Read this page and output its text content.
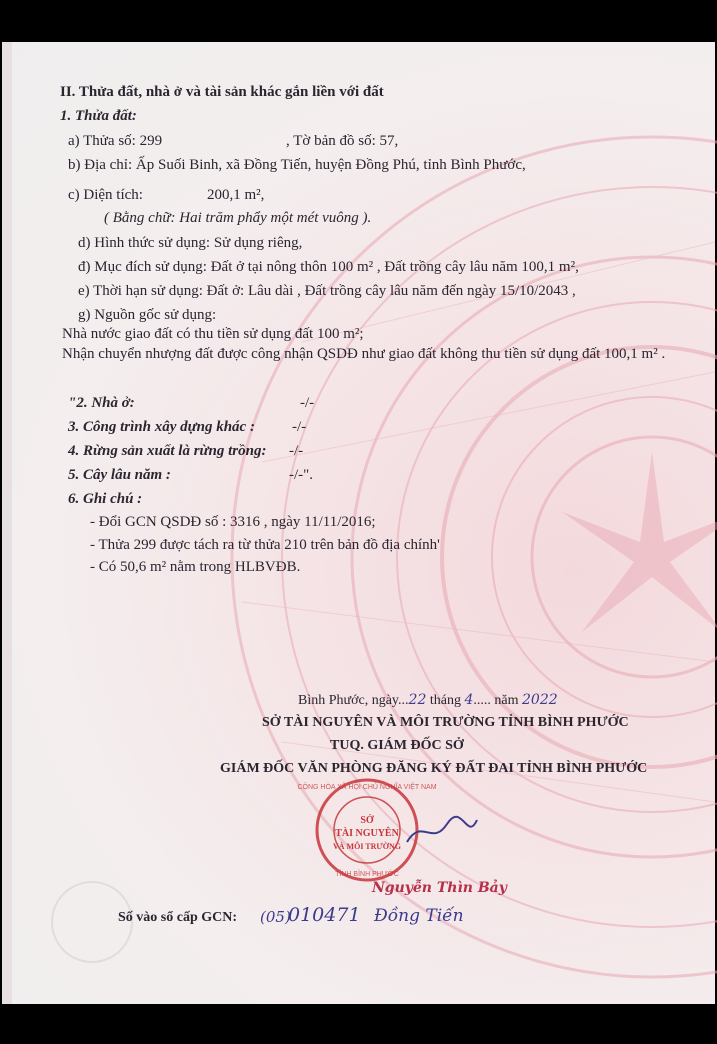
II. Thửa đất, nhà ở và tài sản khác gắn liền với đất
1. Thửa đất:
a) Thửa số: 299	, Tờ bản đồ số: 57,
b) Địa chỉ: Ấp Suối Binh, xã Đồng Tiến, huyện Đồng Phú, tỉnh Bình Phước,
c) Diện tích:	200,1 m²,
( Bằng chữ: Hai trăm phẩy một mét vuông ).
d) Hình thức sử dụng: Sử dụng riêng,
đ) Mục đích sử dụng: Đất ở tại nông thôn 100 m² , Đất trồng cây lâu năm 100,1 m²,
e) Thời hạn sử dụng: Đất ở: Lâu dài , Đất trồng cây lâu năm đến ngày 15/10/2043 ,
g) Nguồn gốc sử dụng:
Nhà nước giao đất có thu tiền sử dụng đất 100 m²;
Nhận chuyển nhượng đất được công nhận QSDĐ như giao đất không thu tiền sử dụng đất 100,1 m² .
"2. Nhà ở:	-/-
3. Công trình xây dựng khác : -/-
4. Rừng sản xuất là rừng trồng: -/-
5. Cây lâu năm :	-/-".
6. Ghi chú :
- Đổi GCN QSDĐ số : 3316 , ngày 11/11/2016;
- Thửa 299 được tách ra từ thửa 210 trên bản đồ địa chính'
- Có 50,6 m² nằm trong HLBVĐB.
Bình Phước, ngày...22 tháng 4..... năm 2022
SỞ TÀI NGUYÊN VÀ MÔI TRƯỜNG TỈNH BÌNH PHƯỚC
TUQ. GIÁM ĐỐC SỞ
GIÁM ĐỐC VĂN PHÒNG ĐĂNG KÝ ĐẤT ĐAI TỈNH BÌNH PHƯỚC
CỘNG HÒA XÃ HỘI CHỦ NGHĨA VIỆT NAM
TỈNH BÌNH PHƯỚC
SỞ
TÀI NGUYÊN
VÀ MÔI TRƯỜNG
Nguyễn Thìn Bảy
Số vào sổ cấp GCN: (05)
010471 Đồng Tiến
